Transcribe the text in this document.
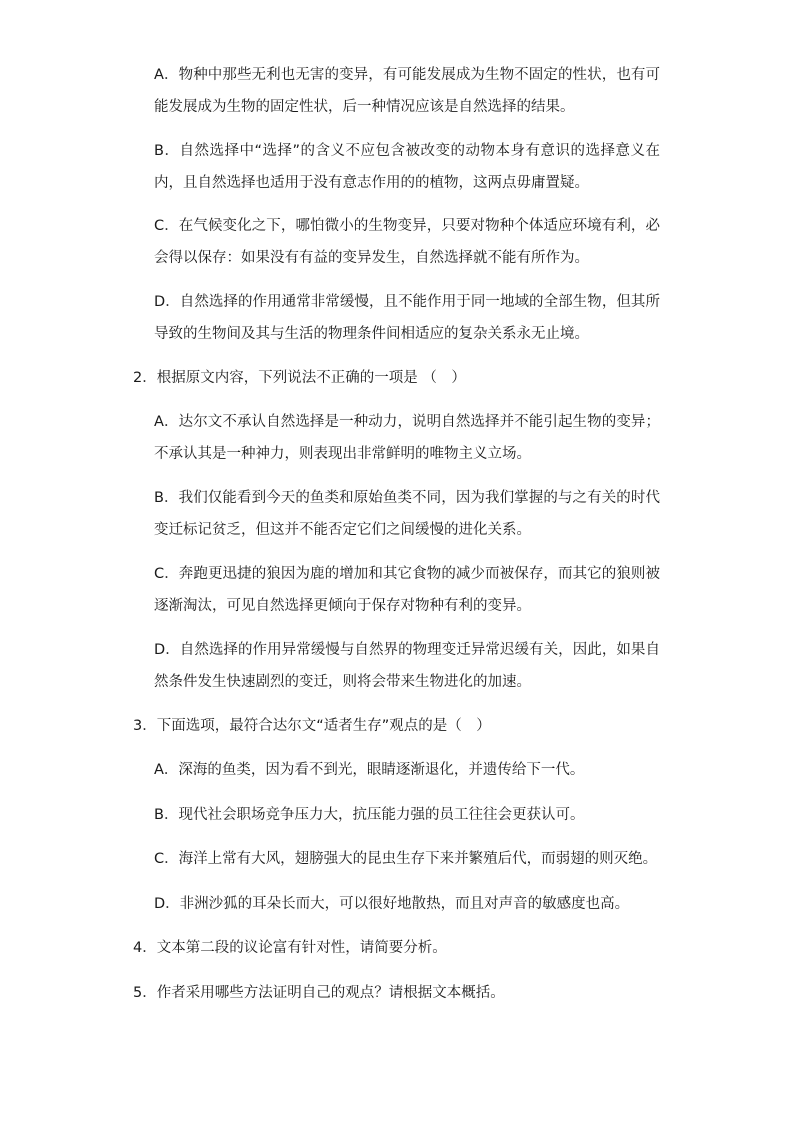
A．物种中那些无利也无害的变异，有可能发展成为生物不固定的性状，也有可能发展成为生物的固定性状，后一种情况应该是自然选择的结果。

B．自然选择中“选择”的含义不应包含被改变的动物本身有意识的选择意义在内，且自然选择也适用于没有意志作用的的植物，这两点毋庸置疑。

C．在气候变化之下，哪怕微小的生物变异，只要对物种个体适应环境有利，必会得以保存：如果没有有益的变异发生，自然选择就不能有所作为。

D．自然选择的作用通常非常缓慢，且不能作用于同一地域的全部生物，但其所导致的生物间及其与生活的物理条件间相适应的复杂关系永无止境。

2．根据原文内容，下列说法不正确的一项是 （　）

A．达尔文不承认自然选择是一种动力，说明自然选择并不能引起生物的变异；不承认其是一种神力，则表现出非常鲜明的唯物主义立场。

B．我们仅能看到今天的鱼类和原始鱼类不同，因为我们掌握的与之有关的时代变迁标记贫乏，但这并不能否定它们之间缓慢的进化关系。

C．奔跑更迅捷的狼因为鹿的增加和其它食物的减少而被保存，而其它的狼则被逐渐淘汰，可见自然选择更倾向于保存对物种有利的变异。

D．自然选择的作用异常缓慢与自然界的物理变迁异常迟缓有关，因此，如果自然条件发生快速剧烈的变迁，则将会带来生物进化的加速。

3．下面选项，最符合达尔文“适者生存”观点的是（　）

A．深海的鱼类，因为看不到光，眼睛逐渐退化，并遗传给下一代。

B．现代社会职场竞争压力大，抗压能力强的员工往往会更获认可。

C．海洋上常有大风，翅膀强大的昆虫生存下来并繁殖后代，而弱翅的则灭绝。

D．非洲沙狐的耳朵长而大，可以很好地散热，而且对声音的敏感度也高。

4．文本第二段的议论富有针对性，请简要分析。

5．作者采用哪些方法证明自己的观点？请根据文本概括。
